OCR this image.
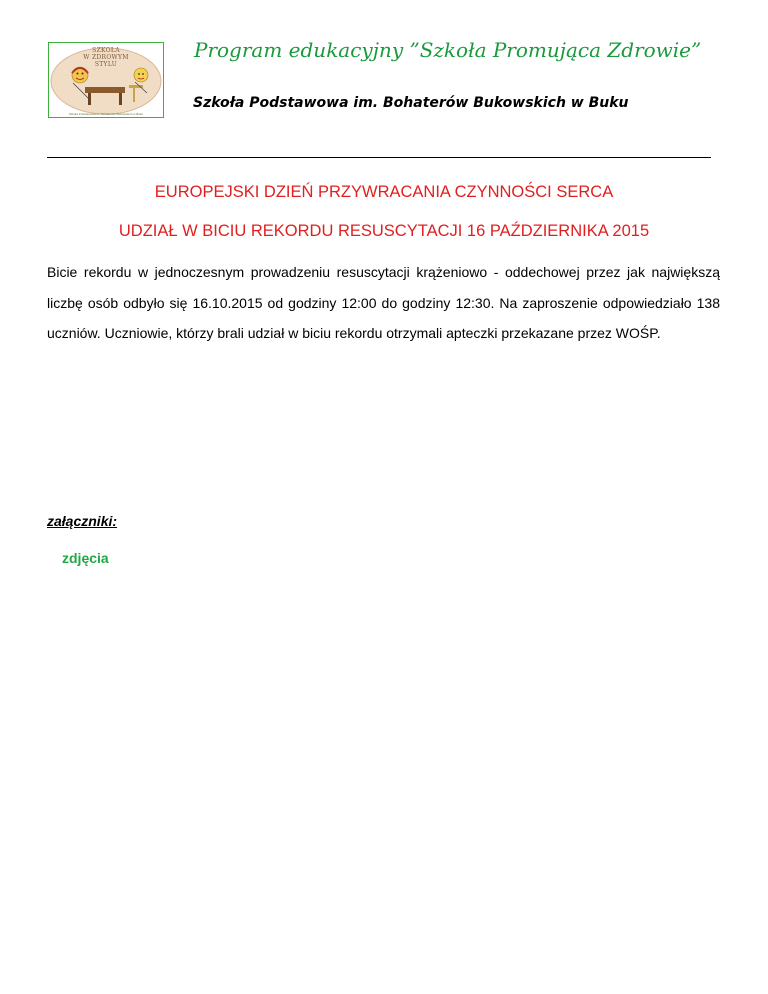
SZKOŁA
W ZDROWYM
STYLU
Szkoła Podstawowa im. Bohaterów Bukowskich w Buku
Program edukacyjny ”Szkoła Promująca Zdrowie”
Szkoła Podstawowa im. Bohaterów Bukowskich w Buku
EUROPEJSKI DZIEŃ PRZYWRACANIA CZYNNOŚCI SERCA
UDZIAŁ W BICIU REKORDU RESUSCYTACJI 16 PAŹDZIERNIKA 2015
Bicie rekordu w jednoczesnym prowadzeniu resuscytacji krążeniowo - oddechowej przez jak największą liczbę osób odbyło się 16.10.2015 od godziny 12:00 do godziny 12:30. Na zaproszenie odpowiedziało 138 uczniów. Uczniowie, którzy brali udział w biciu rekordu otrzymali apteczki przekazane przez WOŚP.
załączniki:
zdjęcia
